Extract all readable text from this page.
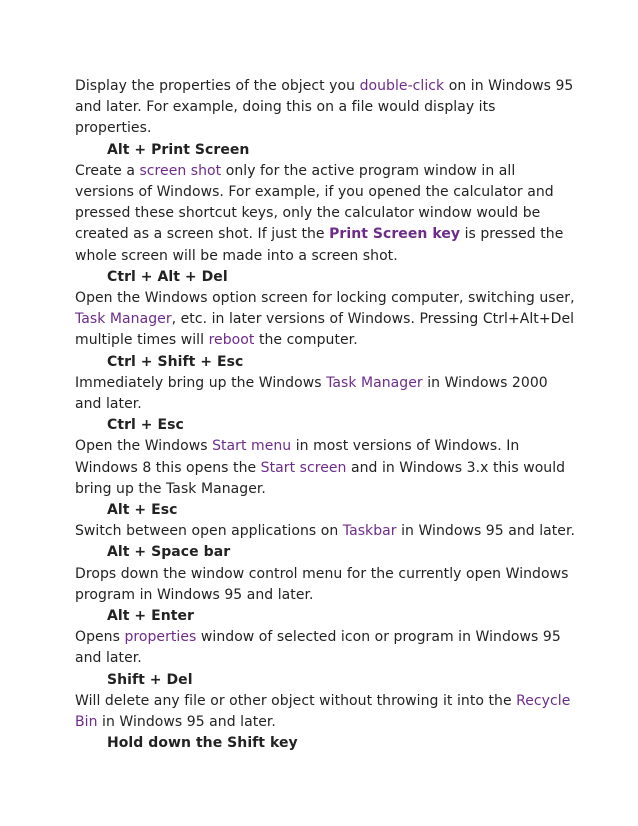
Display the properties of the object you double-click on in Windows 95 and later. For example, doing this on a file would display its properties.

Alt + Print Screen

Create a screen shot only for the active program window in all versions of Windows. For example, if you opened the calculator and pressed these shortcut keys, only the calculator window would be created as a screen shot. If just the Print Screen key is pressed the whole screen will be made into a screen shot.

Ctrl + Alt + Del

Open the Windows option screen for locking computer, switching user, Task Manager, etc. in later versions of Windows. Pressing Ctrl+Alt+Del multiple times will reboot the computer.

Ctrl + Shift + Esc

Immediately bring up the Windows Task Manager in Windows 2000 and later.

Ctrl + Esc

Open the Windows Start menu in most versions of Windows. In Windows 8 this opens the Start screen and in Windows 3.x this would bring up the Task Manager.

Alt + Esc

Switch between open applications on Taskbar in Windows 95 and later.

Alt + Space bar

Drops down the window control menu for the currently open Windows program in Windows 95 and later.

Alt + Enter

Opens properties window of selected icon or program in Windows 95 and later.

Shift + Del

Will delete any file or other object without throwing it into the Recycle Bin in Windows 95 and later.

Hold down the Shift key
